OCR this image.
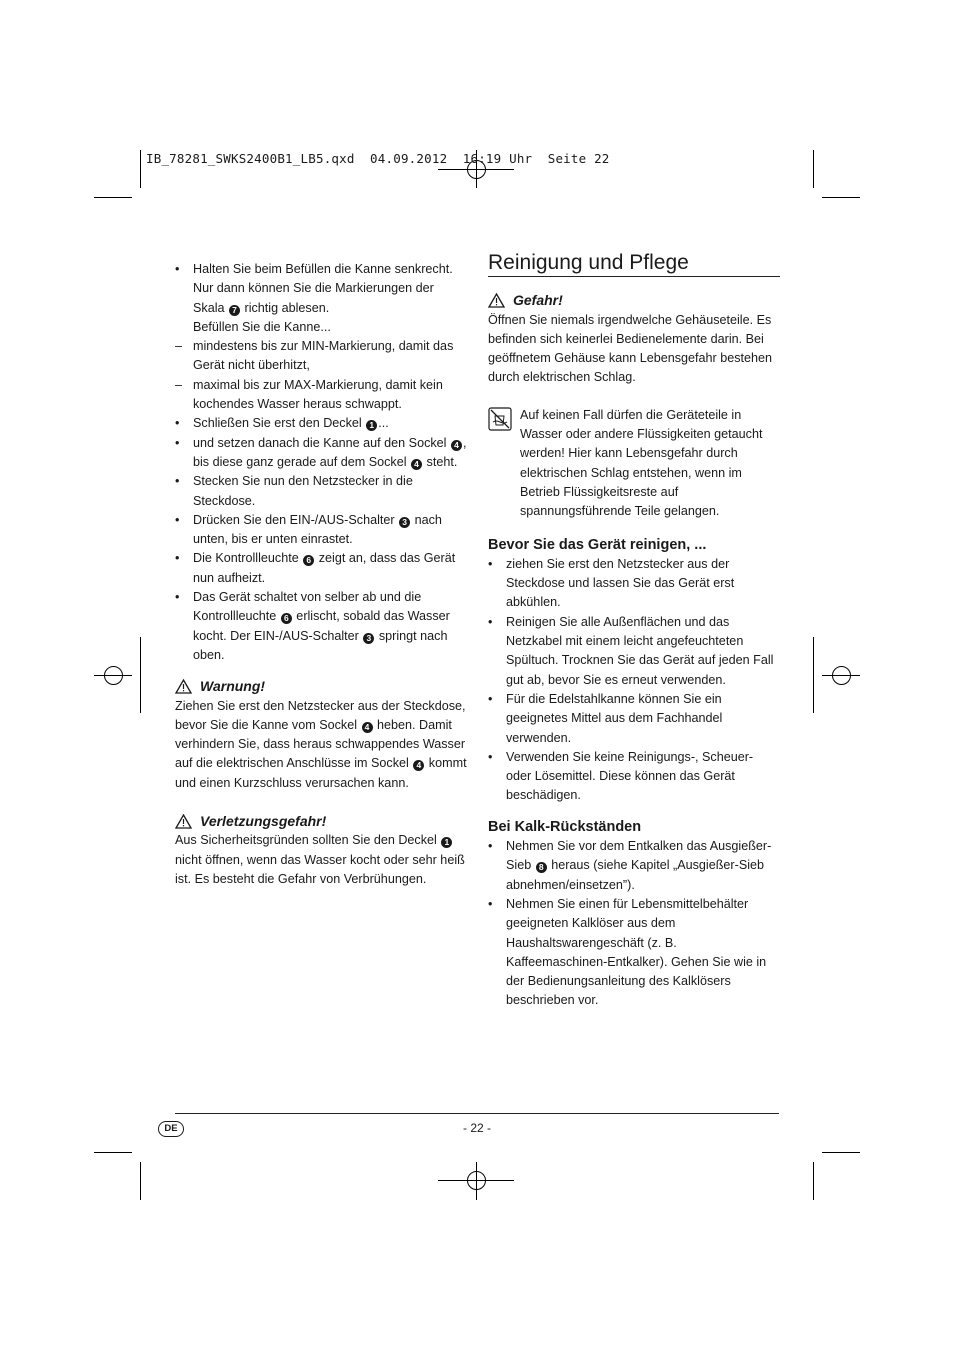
IB_78281_SWKS2400B1_LB5.qxd  04.09.2012  16:19 Uhr  Seite 22
• Halten Sie beim Befüllen die Kanne senkrecht. Nur dann können Sie die Markierungen der Skala 7 richtig ablesen.
Befüllen Sie die Kanne...
– mindestens bis zur MIN-Markierung, damit das Gerät nicht überhitzt,
– maximal bis zur MAX-Markierung, damit kein kochendes Wasser heraus schwappt.
• Schließen Sie erst den Deckel 1 ...
• und setzen danach die Kanne auf den Sockel 4 , bis diese ganz gerade auf dem Sockel 4 steht.
• Stecken Sie nun den Netzstecker in die Steckdose.
• Drücken Sie den EIN-/AUS-Schalter 3 nach unten, bis er unten einrastet.
• Die Kontrollleuchte 6 zeigt an, dass das Gerät nun aufheizt.
• Das Gerät schaltet von selber ab und die Kontrollleuchte 6 erlischt, sobald das Wasser kocht. Der EIN-/AUS-Schalter 3 springt nach oben.
Warnung!
Ziehen Sie erst den Netzstecker aus der Steckdose, bevor Sie die Kanne vom Sockel 4 heben. Damit verhindern Sie, dass heraus schwappendes Wasser auf die elektrischen Anschlüsse im Sockel 4 kommt und einen Kurzschluss verursachen kann.
Verletzungsgefahr!
Aus Sicherheitsgründen sollten Sie den Deckel 1 nicht öffnen, wenn das Wasser kocht oder sehr heiß ist. Es besteht die Gefahr von Verbrühungen.
Reinigung und Pflege
Gefahr!
Öffnen Sie niemals irgendwelche Gehäuseteile. Es befinden sich keinerlei Bedienelemente darin. Bei geöffnetem Gehäuse kann Lebensgefahr bestehen durch elektrischen Schlag.
Auf keinen Fall dürfen die Geräteteile in Wasser oder andere Flüssigkeiten getaucht werden! Hier kann Lebensgefahr durch elektrischen Schlag entstehen, wenn im Betrieb Flüssigkeitsreste auf spannungsführende Teile gelangen.
Bevor Sie das Gerät reinigen, ...
• ziehen Sie erst den Netzstecker aus der Steckdose und lassen Sie das Gerät erst abkühlen.
• Reinigen Sie alle Außenflächen und das Netzkabel mit einem leicht angefeuchteten Spültuch. Trocknen Sie das Gerät auf jeden Fall gut ab, bevor Sie es erneut verwenden.
• Für die Edelstahlkanne können Sie ein geeignetes Mittel aus dem Fachhandel verwenden.
• Verwenden Sie keine Reinigungs-, Scheuer- oder Lösemittel. Diese können das Gerät beschädigen.
Bei Kalk-Rückständen
• Nehmen Sie vor dem Entkalken das Ausgießer-Sieb 8 heraus (siehe Kapitel „Ausgießer-Sieb abnehmen/einsetzen”).
• Nehmen Sie einen für Lebensmittelbehälter geeigneten Kalklöser aus dem Haushaltswarengeschäft (z. B. Kaffeemaschinen-Entkalker). Gehen Sie wie in der Bedienungsanleitung des Kalklösers beschrieben vor.
DE	- 22 -
